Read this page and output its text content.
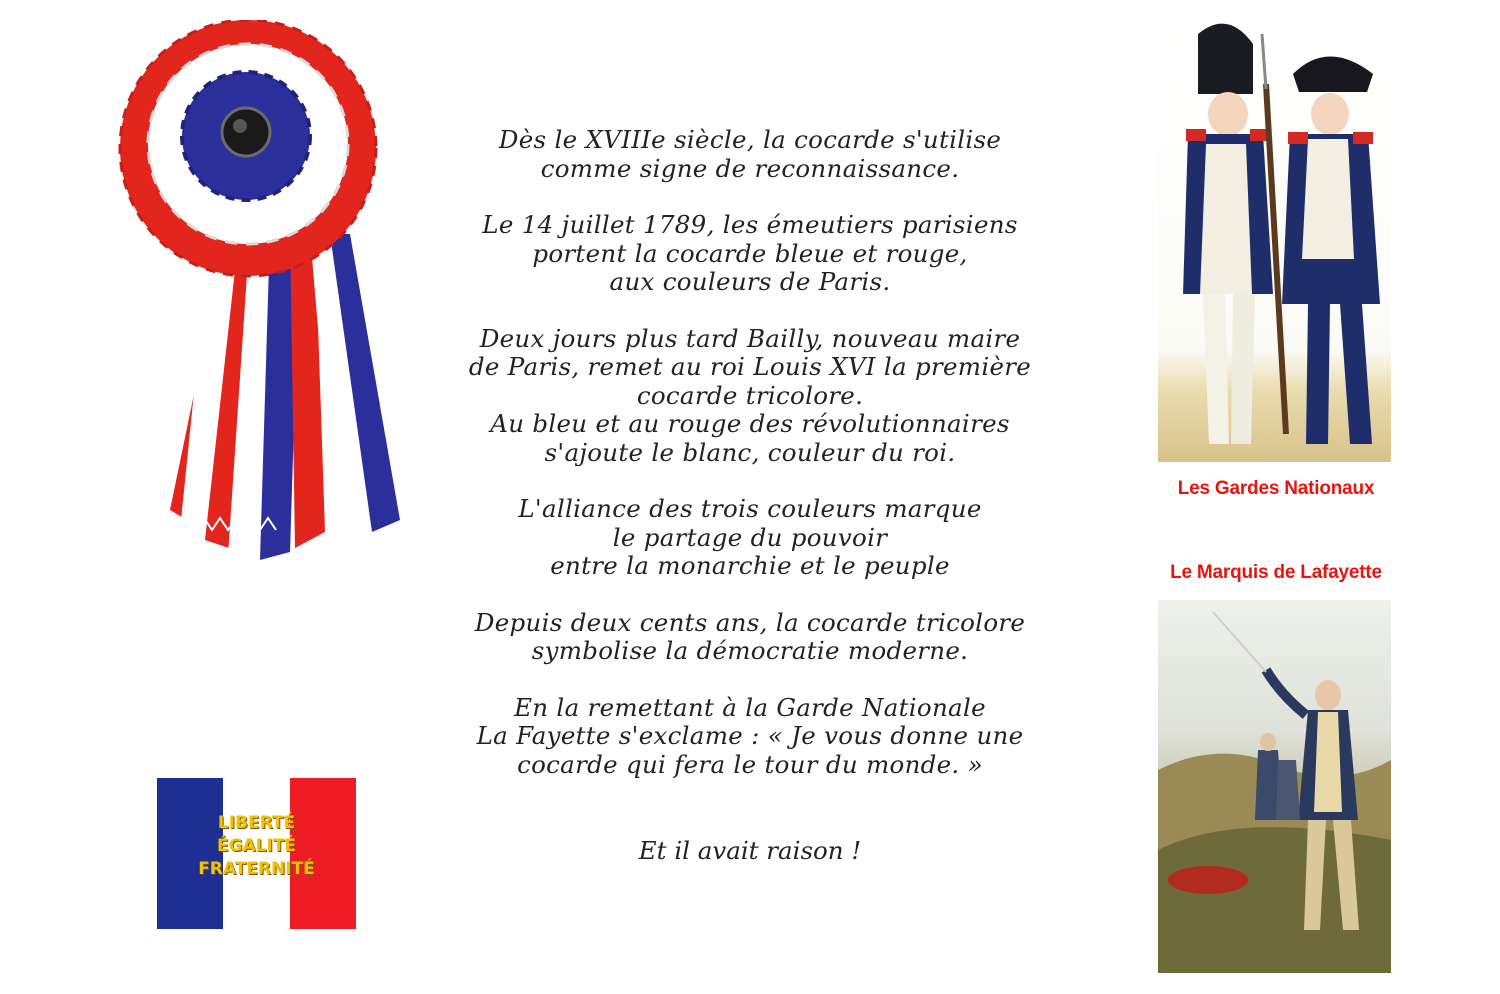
Dès le XVIIIe siècle, la cocarde s'utilise
comme signe de reconnaissance.
Le 14 juillet 1789, les émeutiers parisiens
portent la cocarde bleue et rouge,
aux couleurs de Paris.
Deux jours plus tard Bailly, nouveau maire
de Paris, remet au roi Louis XVI la première
cocarde tricolore.
Au bleu et au rouge des révolutionnaires
s'ajoute le blanc, couleur du roi.
L'alliance des trois couleurs marque
le partage du pouvoir
entre la monarchie et le peuple
Depuis deux cents ans, la cocarde tricolore
symbolise la démocratie moderne.
En la remettant à la Garde Nationale
La Fayette s'exclame : « Je vous donne une
cocarde qui fera le tour du monde. »
Et il avait raison !
LIBERTÉ
ÉGALITÉ
FRATERNITÉ
Les Gardes Nationaux
Le Marquis de Lafayette
